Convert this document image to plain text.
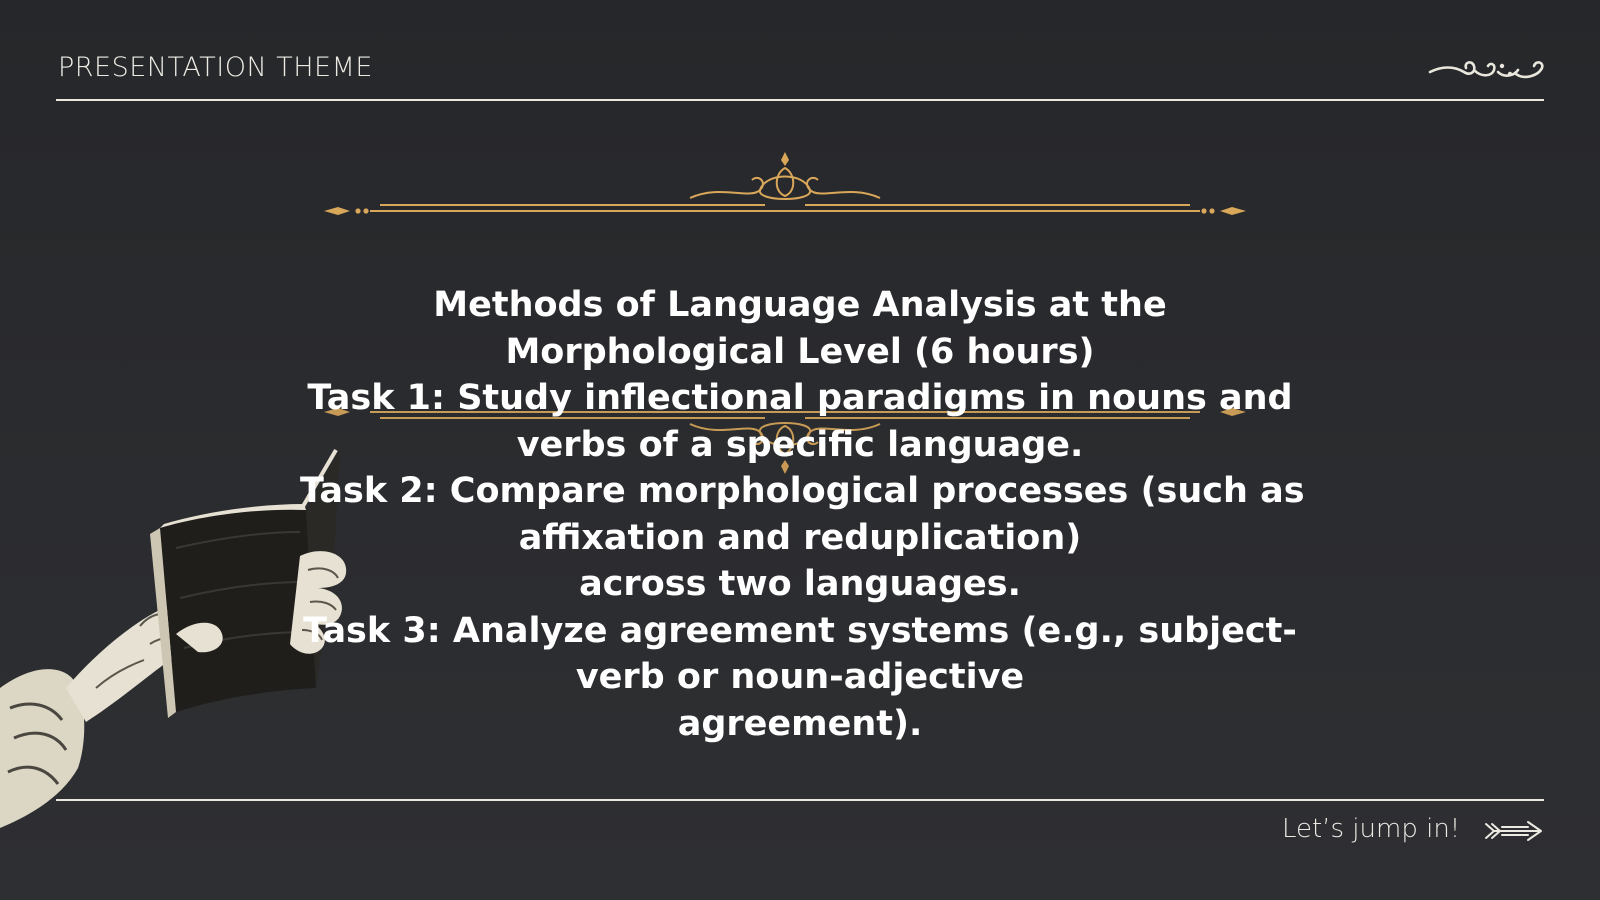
PRESENTATION THEME
Methods of Language Analysis at the
Morphological Level (6 hours)
Task 1: Study inflectional paradigms in nouns and
verbs of a specific language.
Task 2: Compare morphological processes (such as
affixation and reduplication)
across two languages.
Task 3: Analyze agreement systems (e.g., subject-
verb or noun-adjective
agreement).
Let’s jump in!
